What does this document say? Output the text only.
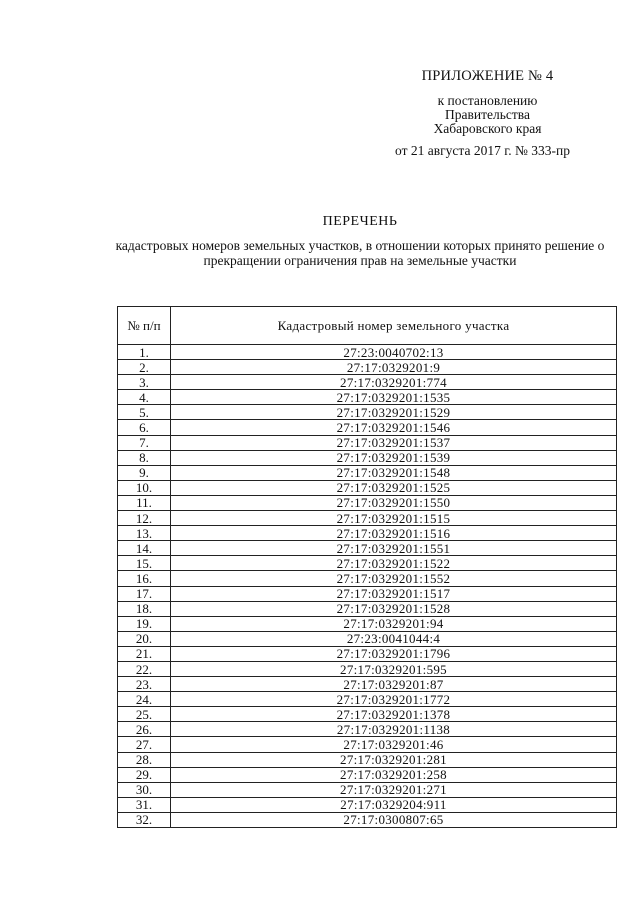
ПРИЛОЖЕНИЕ № 4
к постановлению
Правительства
Хабаровского края
от 21 августа 2017 г. № 333-пр
ПЕРЕЧЕНЬ
кадастровых номеров земельных участков, в отношении которых принято решение о прекращении ограничения прав на земельные участки
№ п/п	Кадастровый номер земельного участка
1.	27:23:0040702:13
2.	27:17:0329201:9
3.	27:17:0329201:774
4.	27:17:0329201:1535
5.	27:17:0329201:1529
6.	27:17:0329201:1546
7.	27:17:0329201:1537
8.	27:17:0329201:1539
9.	27:17:0329201:1548
10.	27:17:0329201:1525
11.	27:17:0329201:1550
12.	27:17:0329201:1515
13.	27:17:0329201:1516
14.	27:17:0329201:1551
15.	27:17:0329201:1522
16.	27:17:0329201:1552
17.	27:17:0329201:1517
18.	27:17:0329201:1528
19.	27:17:0329201:94
20.	27:23:0041044:4
21.	27:17:0329201:1796
22.	27:17:0329201:595
23.	27:17:0329201:87
24.	27:17:0329201:1772
25.	27:17:0329201:1378
26.	27:17:0329201:1138
27.	27:17:0329201:46
28.	27:17:0329201:281
29.	27:17:0329201:258
30.	27:17:0329201:271
31.	27:17:0329204:911
32.	27:17:0300807:65
